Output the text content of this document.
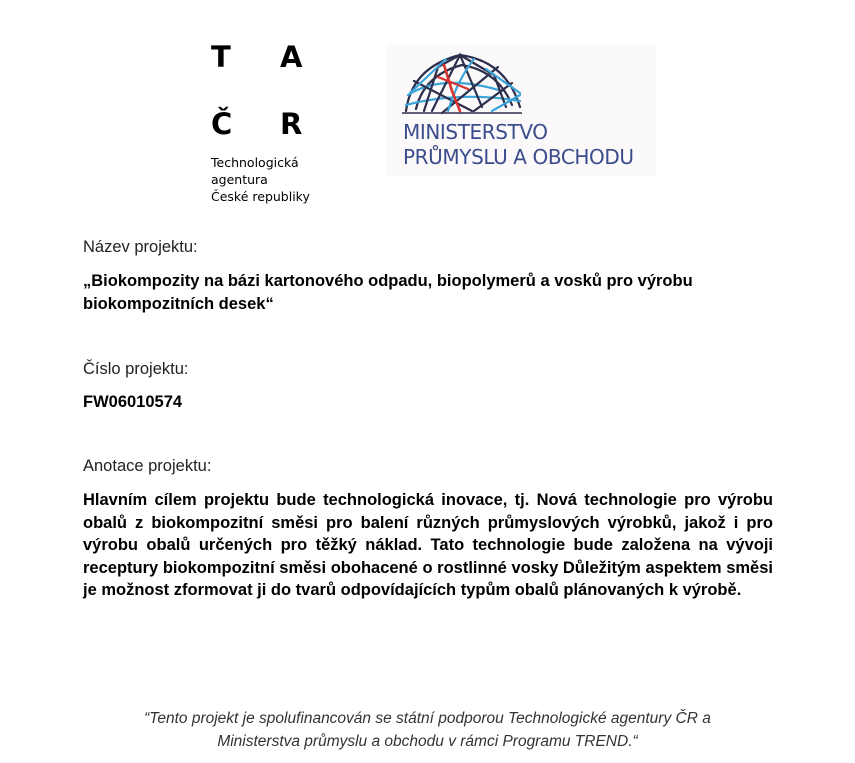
T A
Č R
Technologická
agentura
České republiky
MINISTERSTVO
PRŮMYSLU A OBCHODU
Název projektu:
„Biokompozity na bázi kartonového odpadu, biopolymerů a vosků pro výrobu biokompozitních desek“
Číslo projektu:
FW06010574
Anotace projektu:
Hlavním cílem projektu bude technologická inovace, tj. Nová technologie pro výrobu obalů z biokompozitní směsi pro balení různých průmyslových výrobků, jakož i pro výrobu obalů určených pro těžký náklad. Tato technologie bude založena na vývoji receptury biokompozitní směsi obohacené o rostlinné vosky Důležitým aspektem směsi je možnost zformovat ji do tvarů odpovídajících typům obalů plánovaných k výrobě.
“Tento projekt je spolufinancován se státní podporou Technologické agentury ČR a
Ministerstva průmyslu a obchodu v rámci Programu TREND.“
